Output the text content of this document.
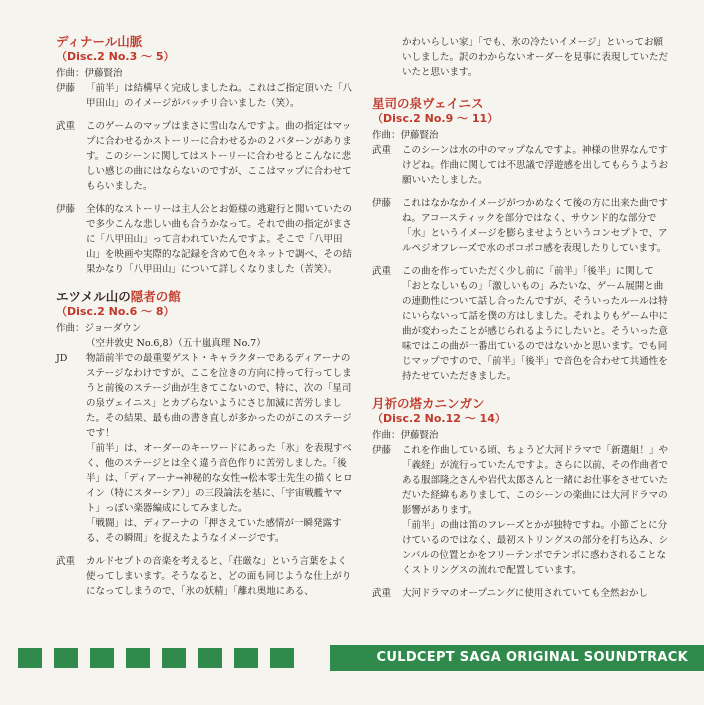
ディナール山脈
（Disc.2 No.3 ～ 5）
作曲：伊藤賢治
伊藤	「前半」は結構早く完成しましたね。これはご指定頂いた「八甲田山」のイメージがバッチリ合いました（笑）。
武重	このゲームのマップはまさに雪山なんですよ。曲の指定はマップに合わせるかストーリーに合わせるかの２パターンがあります。このシーンに関してはストーリーに合わせるとこんなに悲しい感じの曲にはならないのですが、ここはマップに合わせてもらいました。
伊藤	全体的なストーリーは主人公とお姫様の逃避行と聞いていたので多少こんな悲しい曲も合うかなって。それで曲の指定がまさに「八甲田山」って言われていたんですよ。そこで「八甲田山」を映画や実際的な記録を含めて色々ネットで調べ、その結果かなり「八甲田山」について詳しくなりました（苦笑）。
エツメル山の隠者の館
（Disc.2 No.6 ～ 8）
作曲：ジョーダウン
（空井敦史 No.6,8）（五十嵐真理 No.7）
JD	物語前半での最重要ゲスト・キャラクターであるディアーナのステージなわけですが、ここを泣きの方向に持って行ってしまうと前後のステージ曲が生きてこないので、特に、次の「星司の泉ヴェイニス」とカブらないようにさじ加減に苦労しました。その結果、最も曲の書き直しが多かったのがこのステージです！
「前半」は、オーダーのキーワードにあった「氷」を表現すべく、他のステージとは全く違う音色作りに苦労しました。「後半」は、「ディアーナ→神秘的な女性→松本零士先生の描くヒロイン（特にスターシア）」の三段論法を基に、「宇宙戦艦ヤマト」っぽい楽器編成にしてみました。
「戦闘」は、ディアーナの「押さえていた感情が一瞬発露する、その瞬間」を捉えたようなイメージです。
武重	カルドセプトの音楽を考えると、「荘厳な」という言葉をよく使ってしまいます。そうなると、どの面も同じような仕上がりになってしまうので、「氷の妖精」「離れ奥地にある、
かわいらしい家」「でも、氷の冷たいイメージ」といってお願いしました。訳のわからないオーダーを見事に表現していただいたと思います。
星司の泉ヴェイニス
（Disc.2 No.9 ～ 11）
作曲：伊藤賢治
武重	このシーンは水の中のマップなんですよ。神様の世界なんですけどね。作曲に関しては不思議で浮遊感を出してもらうようお願いいたしました。
伊藤	これはなかなかイメージがつかめなくて後の方に出来た曲ですね。アコースティックを部分ではなく、サウンド的な部分で「水」というイメージを膨らませようというコンセプトで、アルペジオフレーズで水のポコポコ感を表現したりしています。
武重	この曲を作っていただく少し前に「前半」「後半」に関して「おとなしいもの」「激しいもの」みたいな、ゲーム展開と曲の連動性について話し合ったんですが、そういったルールは特にいらないって話を僕の方はしました。それよりもゲーム中に曲が変わったことが感じられるようにしたいと。そういった意味ではこの曲が一番出ているのではないかと思います。でも同じマップですので、「前半」「後半」で音色を合わせて共通性を持たせていただきました。
月祈の塔カニンガン
（Disc.2 No.12 ～ 14）
作曲：伊藤賢治
伊藤	これを作曲している頃、ちょうど大河ドラマで「新選組！」や「義経」が流行っていたんですよ。さらに以前、その作曲者である服部隆之さんや岩代太郎さんと一緒にお仕事をさせていただいた経緯もありまして、このシーンの楽曲には大河ドラマの影響があります。
「前半」の曲は笛のフレーズとかが独特ですね。小節ごとに分けているのではなく、最初ストリングスの部分を打ち込み、シンバルの位置とかをフリーテンポでテンポに惑わされることなくストリングスの流れで配置しています。
武重	大河ドラマのオープニングに使用されていても全然おかし
CULDCEPT SAGA ORIGINAL SOUNDTRACK
